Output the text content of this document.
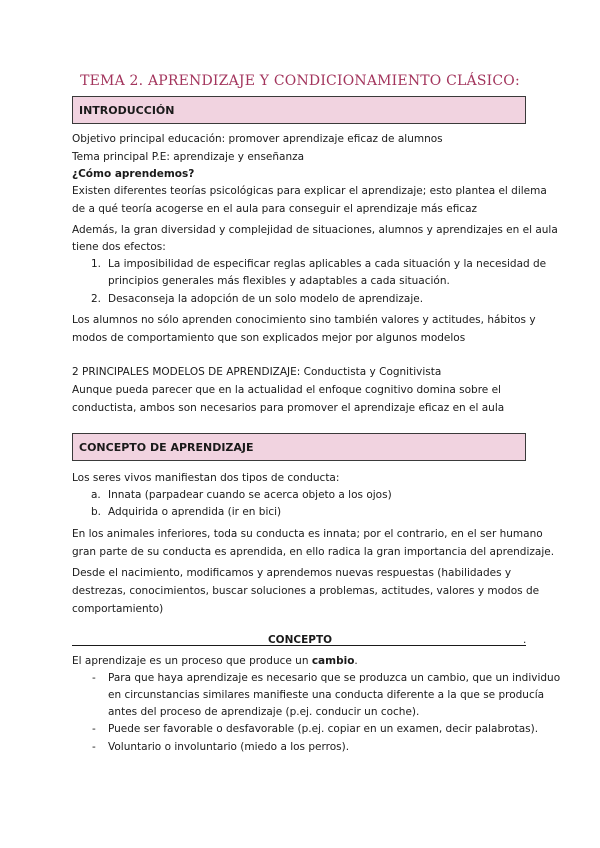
TEMA 2. APRENDIZAJE Y CONDICIONAMIENTO CLÁSICO:
INTRODUCCIÓN
Objetivo principal educación: promover aprendizaje eficaz de alumnos
Tema principal P.E: aprendizaje y enseñanza
¿Cómo aprendemos?
Existen diferentes teorías psicológicas para explicar el aprendizaje; esto plantea el dilema
de a qué teoría acogerse en el aula para conseguir el aprendizaje más eficaz
Además, la gran diversidad y complejidad de situaciones, alumnos y aprendizajes en el aula
tiene dos efectos:
1. La imposibilidad de especificar reglas aplicables a cada situación y la necesidad de
principios generales más flexibles y adaptables a cada situación.
2. Desaconseja la adopción de un solo modelo de aprendizaje.
Los alumnos no sólo aprenden conocimiento sino también valores y actitudes, hábitos y
modos de comportamiento que son explicados mejor por algunos modelos
2 PRINCIPALES MODELOS DE APRENDIZAJE: Conductista y Cognitivista
Aunque pueda parecer que en la actualidad el enfoque cognitivo domina sobre el
conductista, ambos son necesarios para promover el aprendizaje eficaz en el aula
CONCEPTO DE APRENDIZAJE
Los seres vivos manifiestan dos tipos de conducta:
a. Innata (parpadear cuando se acerca objeto a los ojos)
b. Adquirida o aprendida (ir en bici)
En los animales inferiores, toda su conducta es innata; por el contrario, en el ser humano
gran parte de su conducta es aprendida, en ello radica la gran importancia del aprendizaje.
Desde el nacimiento, modificamos y aprendemos nuevas respuestas (habilidades y
destrezas, conocimientos, buscar soluciones a problemas, actitudes, valores y modos de
comportamiento)
CONCEPTO	.
El aprendizaje es un proceso que produce un cambio.
- Para que haya aprendizaje es necesario que se produzca un cambio, que un individuo
en circunstancias similares manifieste una conducta diferente a la que se producía
antes del proceso de aprendizaje (p.ej. conducir un coche).
- Puede ser favorable o desfavorable (p.ej. copiar en un examen, decir palabrotas).
- Voluntario o involuntario (miedo a los perros).
